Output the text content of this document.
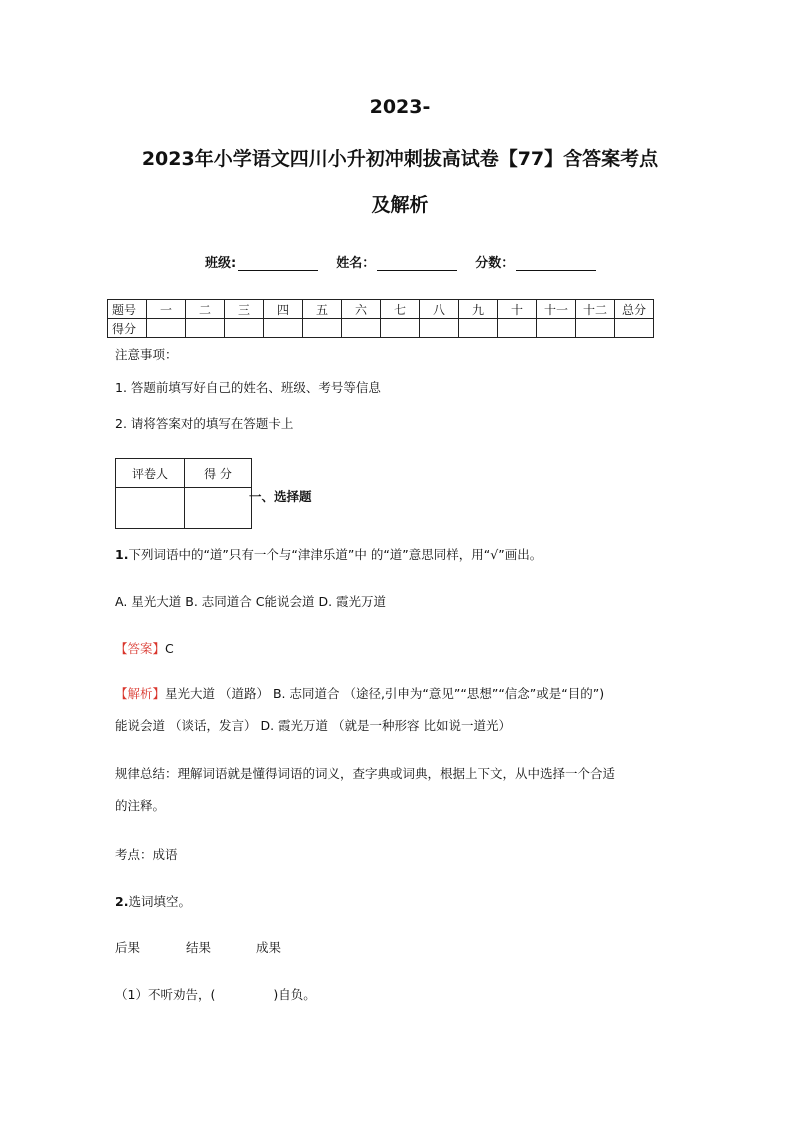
2023-
2023年小学语文四川小升初冲刺拔高试卷【77】含答案考点
及解析
班级:	姓名：	分数：
题号	一	二	三	四	五	六	七	八	九	十	十一	十二	总分
得分													
注意事项：
1. 答题前填写好自己的姓名、班级、考号等信息
2. 请将答案对的填写在答题卡上
评卷人	得 分

一、选择题
1.下列词语中的“道”只有一个与“津津乐道”中 的“道”意思同样，用“√”画出。
A. 星光大道 B. 志同道合 C能说会道 D. 霞光万道
【答案】C
【解析】星光大道 （道路） B. 志同道合 （途径,引申为“意见”“思想”“信念”或是“目的”)
能说会道 （谈话，发言） D. 霞光万道 （就是一种形容 比如说一道光）
规律总结：理解词语就是懂得词语的词义，查字典或词典，根据上下文，从中选择一个合适
的注释。
考点：成语
2.选词填空。
后果	结果	成果
（1）不听劝告，(	)自负。
